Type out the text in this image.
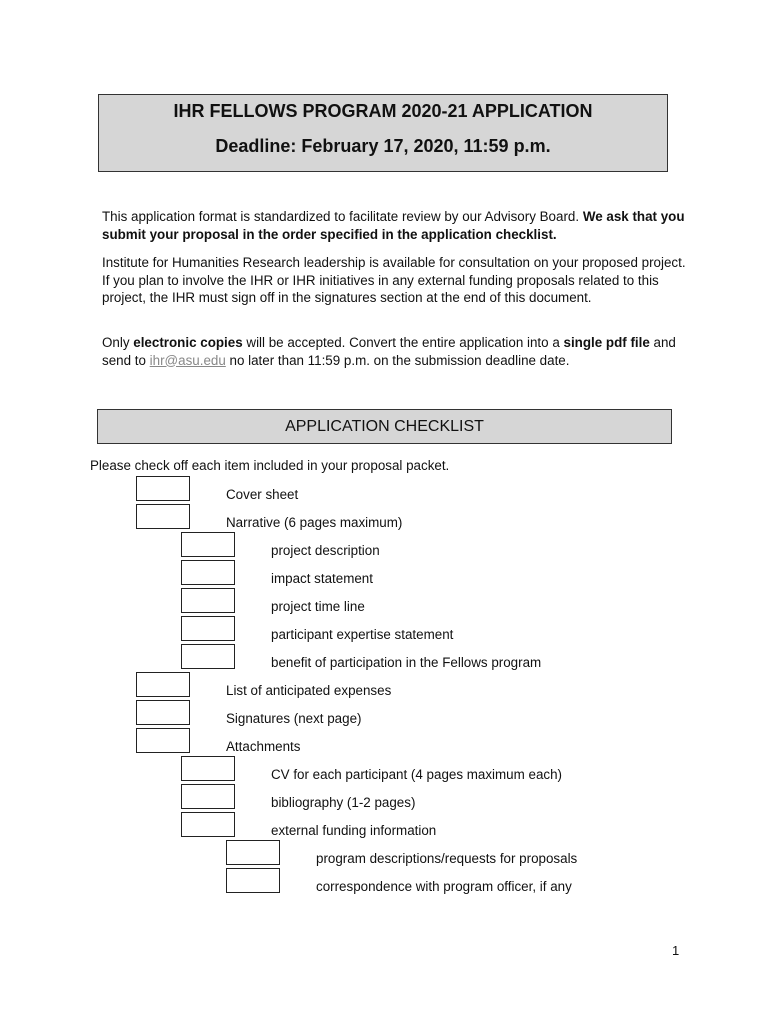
IHR FELLOWS PROGRAM 2020-21 APPLICATION
Deadline: February 17, 2020, 11:59 p.m.

This application format is standardized to facilitate review by our Advisory Board. We ask that you submit your proposal in the order specified in the application checklist.

Institute for Humanities Research leadership is available for consultation on your proposed project. If you plan to involve the IHR or IHR initiatives in any external funding proposals related to this project, the IHR must sign off in the signatures section at the end of this document.

Only electronic copies will be accepted. Convert the entire application into a single pdf file and send to ihr@asu.edu no later than 11:59 p.m. on the submission deadline date.

APPLICATION CHECKLIST

Please check off each item included in your proposal packet.

Cover sheet
Narrative (6 pages maximum)
project description
impact statement
project time line
participant expertise statement
benefit of participation in the Fellows program
List of anticipated expenses
Signatures (next page)
Attachments
CV for each participant (4 pages maximum each)
bibliography (1-2 pages)
external funding information
program descriptions/requests for proposals
correspondence with program officer, if any
1
